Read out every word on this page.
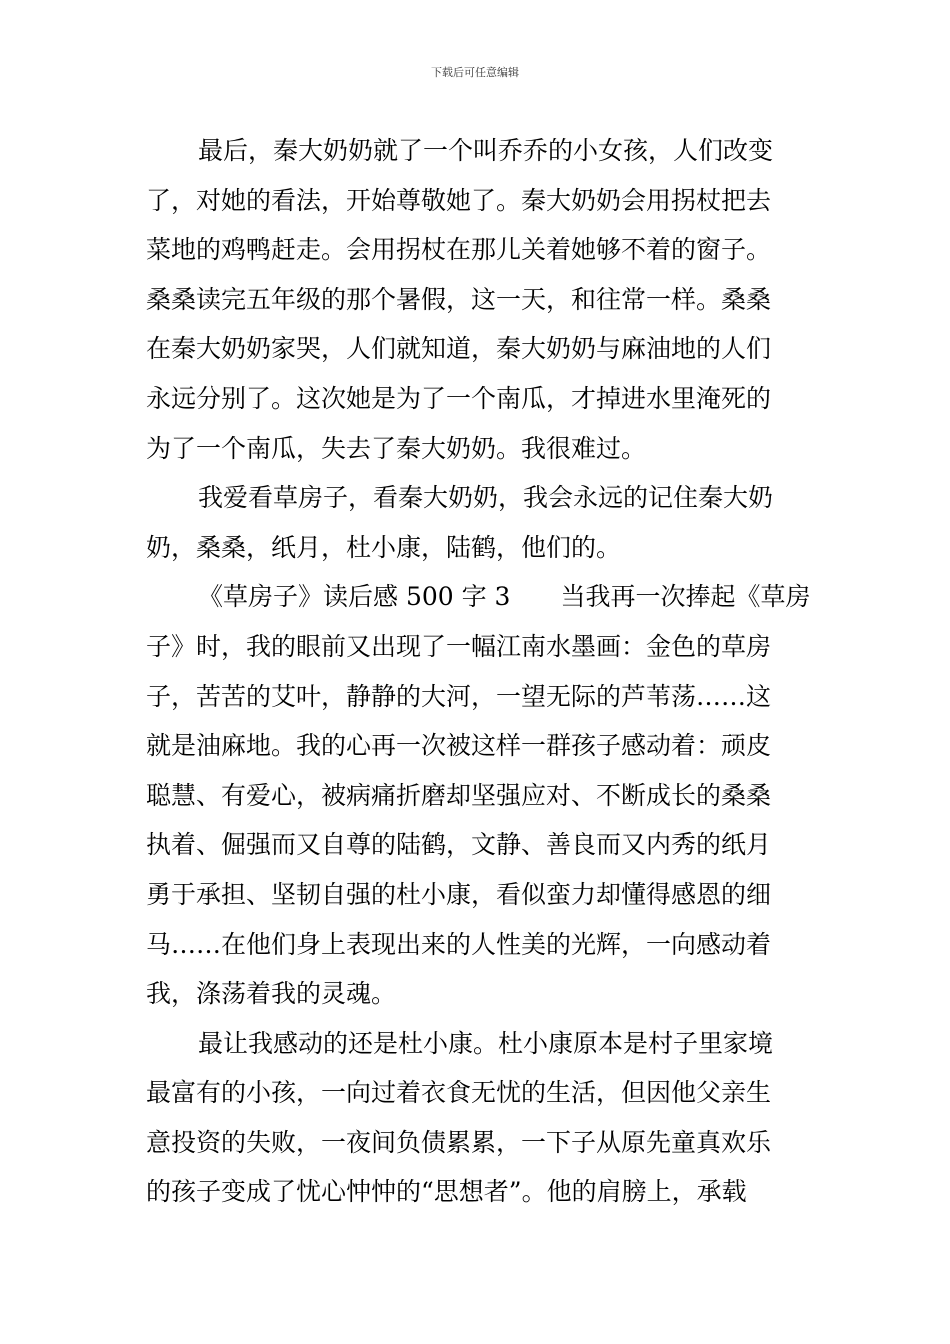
下载后可任意编辑
最后，秦大奶奶就了一个叫乔乔的小女孩，人们改变
了，对她的看法，开始尊敬她了。秦大奶奶会用拐杖把去
菜地的鸡鸭赶走。会用拐杖在那儿关着她够不着的窗子。
桑桑读完五年级的那个暑假，这一天，和往常一样。桑桑
在秦大奶奶家哭，人们就知道，秦大奶奶与麻油地的人们
永远分别了。这次她是为了一个南瓜，才掉进水里淹死的
为了一个南瓜，失去了秦大奶奶。我很难过。
我爱看草房子，看秦大奶奶，我会永远的记住秦大奶
奶，桑桑，纸月，杜小康，陆鹤，他们的。
《草房子》读后感 500 字 3　　当我再一次捧起《草房
子》时，我的眼前又出现了一幅江南水墨画：金色的草房
子，苦苦的艾叶，静静的大河，一望无际的芦苇荡……这
就是油麻地。我的心再一次被这样一群孩子感动着：顽皮
聪慧、有爱心，被病痛折磨却坚强应对、不断成长的桑桑
执着、倔强而又自尊的陆鹤，文静、善良而又内秀的纸月
勇于承担、坚韧自强的杜小康，看似蛮力却懂得感恩的细
马……在他们身上表现出来的人性美的光辉，一向感动着
我，涤荡着我的灵魂。
最让我感动的还是杜小康。杜小康原本是村子里家境
最富有的小孩，一向过着衣食无忧的生活，但因他父亲生
意投资的失败，一夜间负债累累，一下子从原先童真欢乐
的孩子变成了忧心忡忡的“思想者”。他的肩膀上，承载
